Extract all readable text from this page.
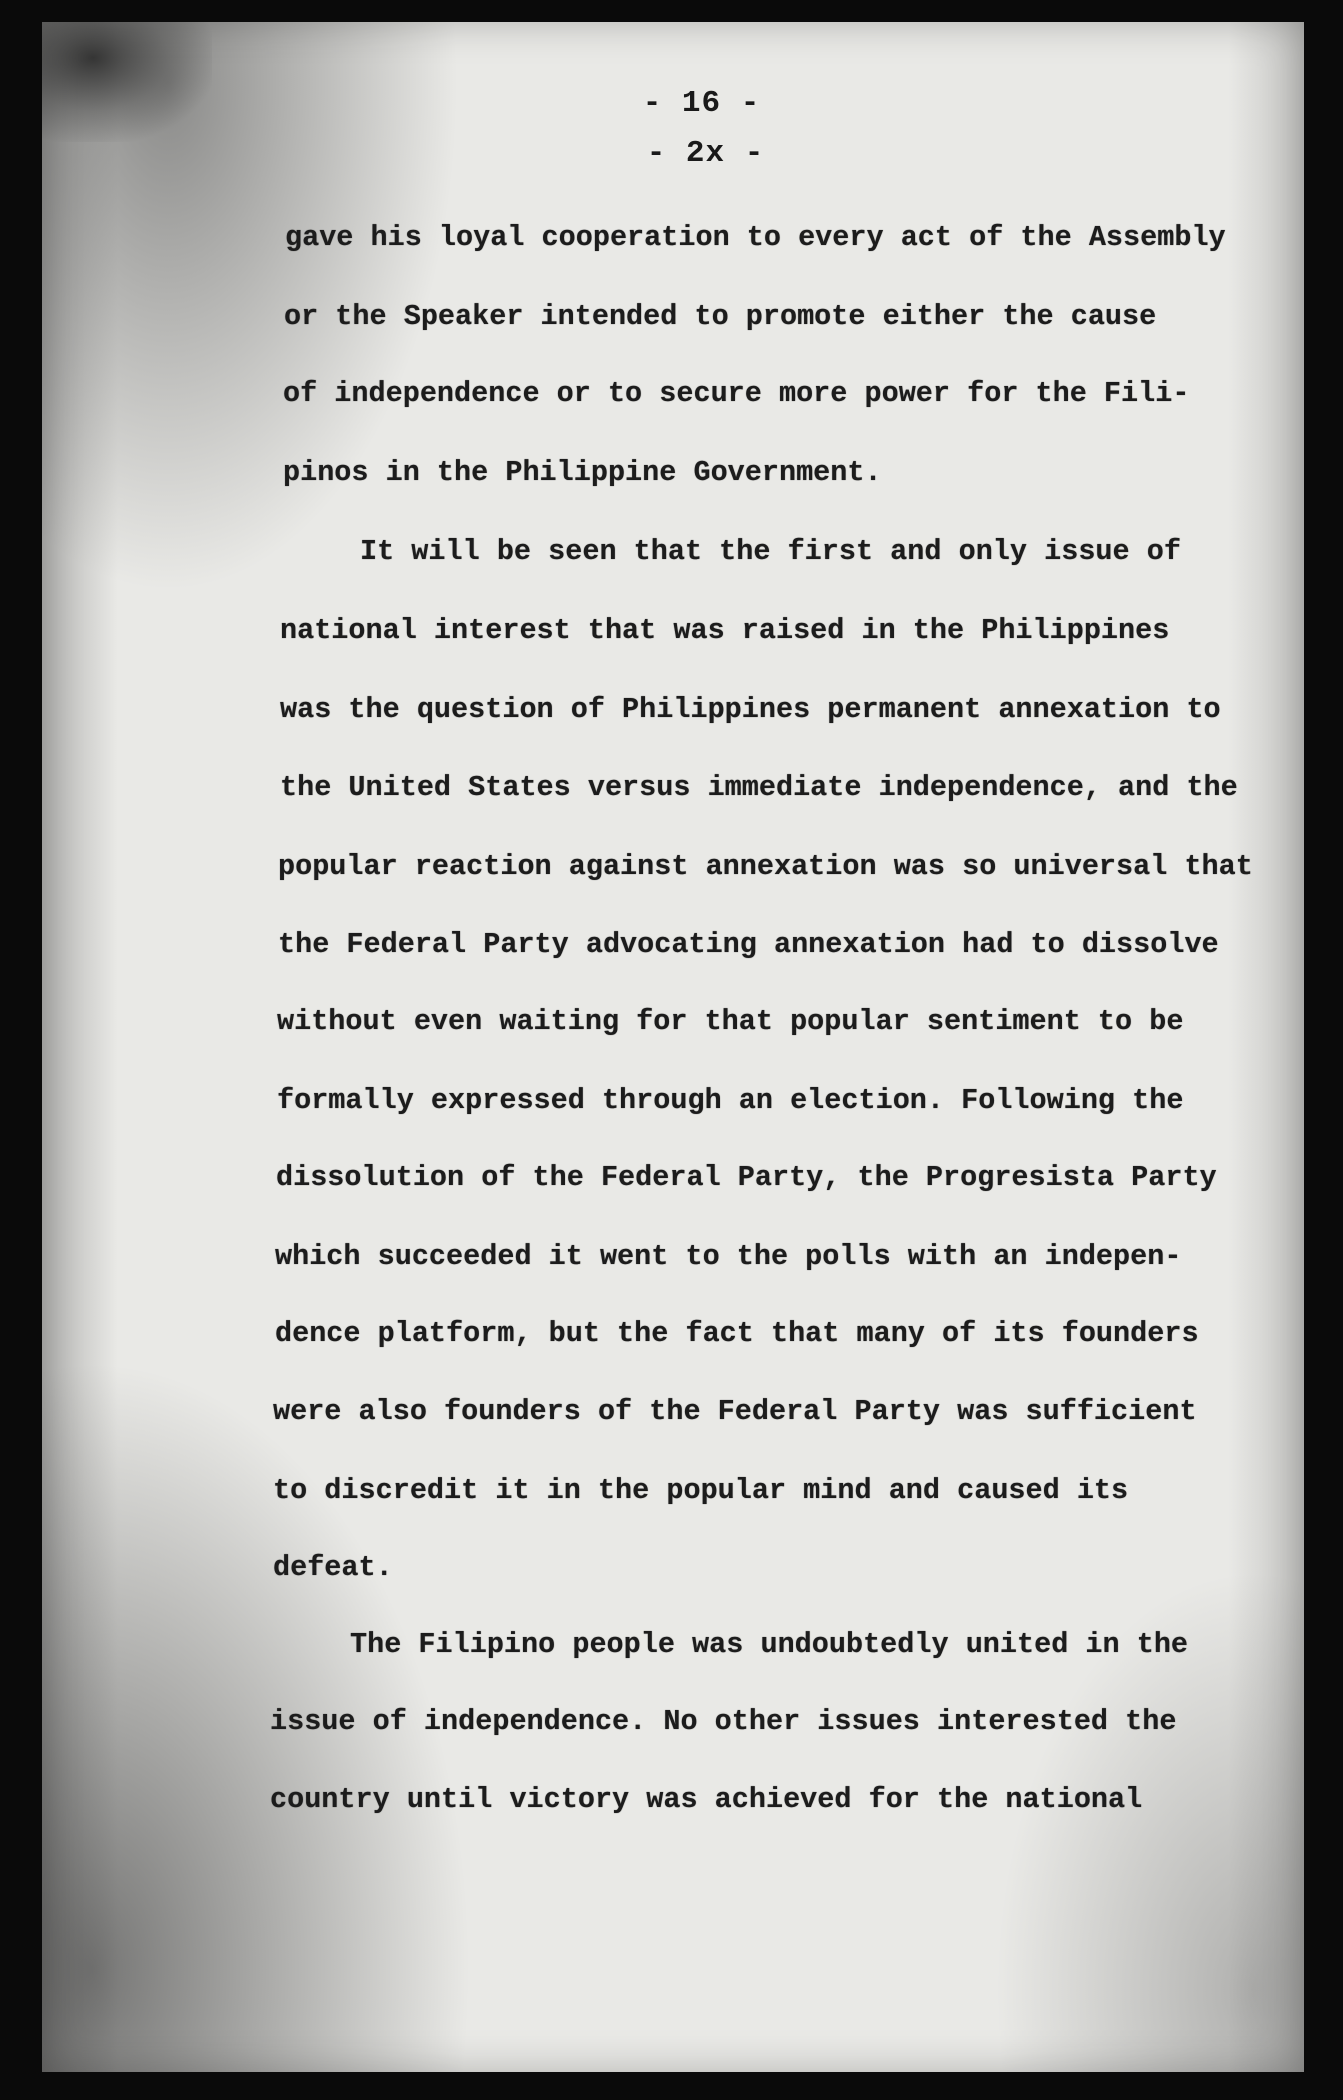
- 16 -
- 2x -
gave his loyal cooperation to every act of the Assembly
or the Speaker intended to promote either the cause
of independence or to secure more power for the Fili-
pinos in the Philippine Government.
It will be seen that the first and only issue of
national interest that was raised in the Philippines
was the question of Philippines permanent annexation to
the United States versus immediate independence, and the
popular reaction against annexation was so universal that
the Federal Party advocating annexation had to dissolve
without even waiting for that popular sentiment to be
formally expressed through an election. Following the
dissolution of the Federal Party, the Progresista Party
which succeeded it went to the polls with an indepen-
dence platform, but the fact that many of its founders
were also founders of the Federal Party was sufficient
to discredit it in the popular mind and caused its
defeat.
The Filipino people was undoubtedly united in the
issue of independence. No other issues interested the
country until victory was achieved for the national
